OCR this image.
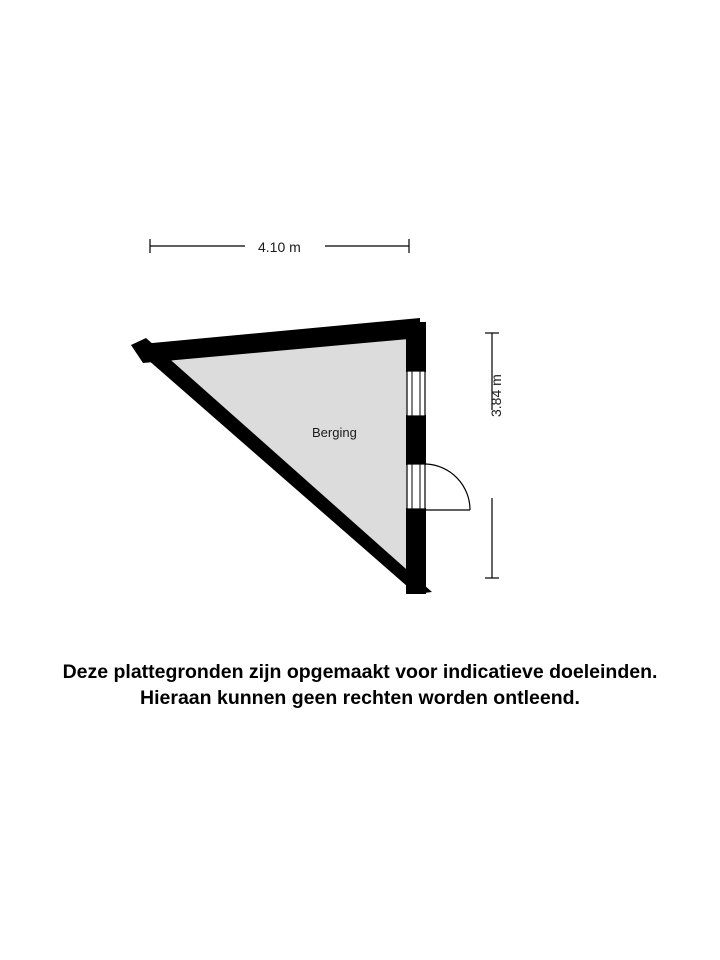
4.10 m
3.84 m
Berging
Deze plattegronden zijn opgemaakt voor indicatieve doeleinden.
Hieraan kunnen geen rechten worden ontleend.
